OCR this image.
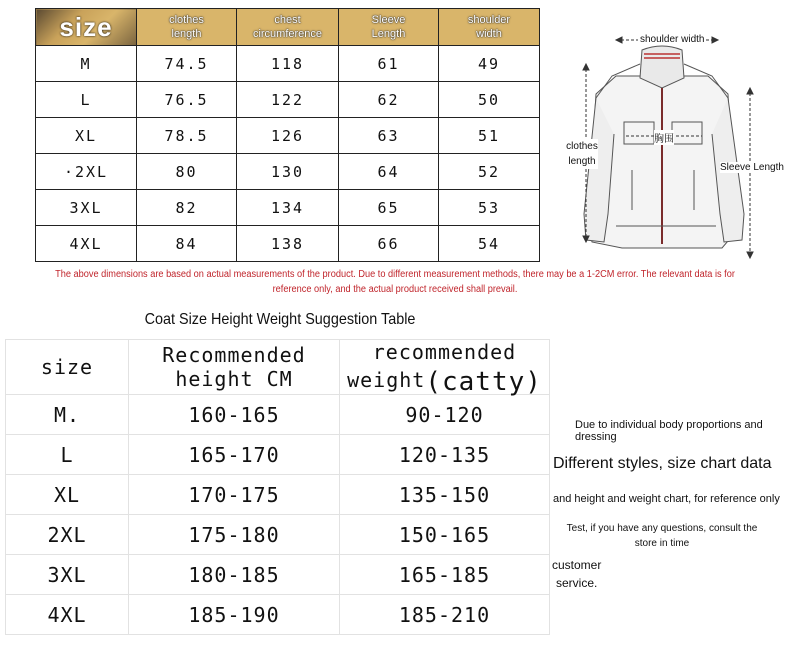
size	clothes length	chest circumference	Sleeve Length	shoulder width

M	74.5	118	61	49
L	76.5	122	62	50
XL	78.5	126	63	51
·2XL	80	130	64	52
3XL	82	134	65	53
4XL	84	138	66	54
shoulder width
clothes length
胸围
Sleeve Length
The above dimensions are based on actual measurements of the product. Due to different measurement methods, there may be a 1-2CM error. The relevant data is for reference only, and the actual product received shall prevail.
Coat Size Height Weight Suggestion Table
size	Recommended height CM	recommended weight(catty)
M.	160-165	90-120
L	165-170	120-135
XL	170-175	135-150
2XL	175-180	150-165
3XL	180-185	165-185
4XL	185-190	185-210
Due to individual body proportions and dressing
Different styles, size chart data
and height and weight chart, for reference only
Test, if you have any questions, consult the store in time
customer
service.
